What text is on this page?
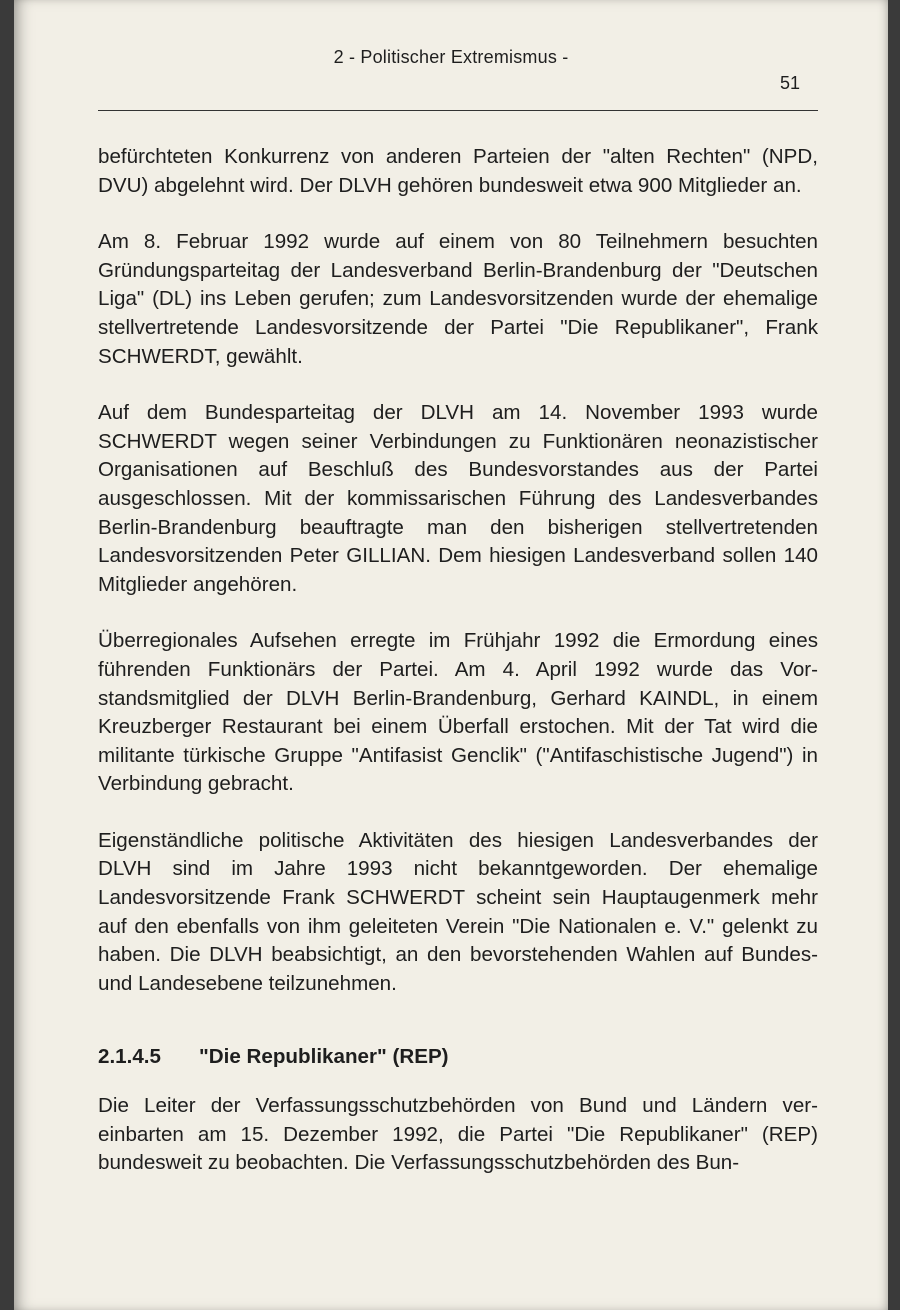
2 - Politischer Extremismus -
51

befürchteten Konkurrenz von anderen Parteien der "alten Rechten" (NPD, DVU) abgelehnt wird. Der DLVH gehören bundesweit etwa 900 Mitglieder an.

Am 8. Februar 1992 wurde auf einem von 80 Teilnehmern besuchten Gründungsparteitag der Landesverband Berlin-Brandenburg der "Deutschen Liga" (DL) ins Leben gerufen; zum Landesvorsitzenden wurde der ehemalige stellvertretende Landesvorsitzende der Partei "Die Republikaner", Frank SCHWERDT, gewählt.

Auf dem Bundesparteitag der DLVH am 14. November 1993 wurde SCHWERDT wegen seiner Verbindungen zu Funktionären neonazistischer Organisationen auf Beschluß des Bundesvorstandes aus der Partei ausgeschlossen. Mit der kommissarischen Führung des Landesverbandes Berlin-Brandenburg beauftragte man den bisherigen stellvertretenden Landesvorsitzenden Peter GILLIAN. Dem hiesigen Landesverband sollen 140 Mitglieder angehören.

Überregionales Aufsehen erregte im Frühjahr 1992 die Ermordung eines führenden Funktionärs der Partei. Am 4. April 1992 wurde das Vorstandsmitglied der DLVH Berlin-Brandenburg, Gerhard KAINDL, in einem Kreuzberger Restaurant bei einem Überfall erstochen. Mit der Tat wird die militante türkische Gruppe "Antifasist Genclik" ("Antifaschistische Jugend") in Verbindung gebracht.

Eigenständliche politische Aktivitäten des hiesigen Landesverbandes der DLVH sind im Jahre 1993 nicht bekanntgeworden. Der ehemalige Landesvorsitzende Frank SCHWERDT scheint sein Hauptaugenmerk mehr auf den ebenfalls von ihm geleiteten Verein "Die Nationalen e. V." gelenkt zu haben. Die DLVH beabsichtigt, an den bevorstehenden Wahlen auf Bundes- und Landesebene teilzunehmen.

2.1.4.5	"Die Republikaner" (REP)

Die Leiter der Verfassungsschutzbehörden von Bund und Ländern vereinbarten am 15. Dezember 1992, die Partei "Die Republikaner" (REP) bundesweit zu beobachten. Die Verfassungsschutzbehörden des Bun-
